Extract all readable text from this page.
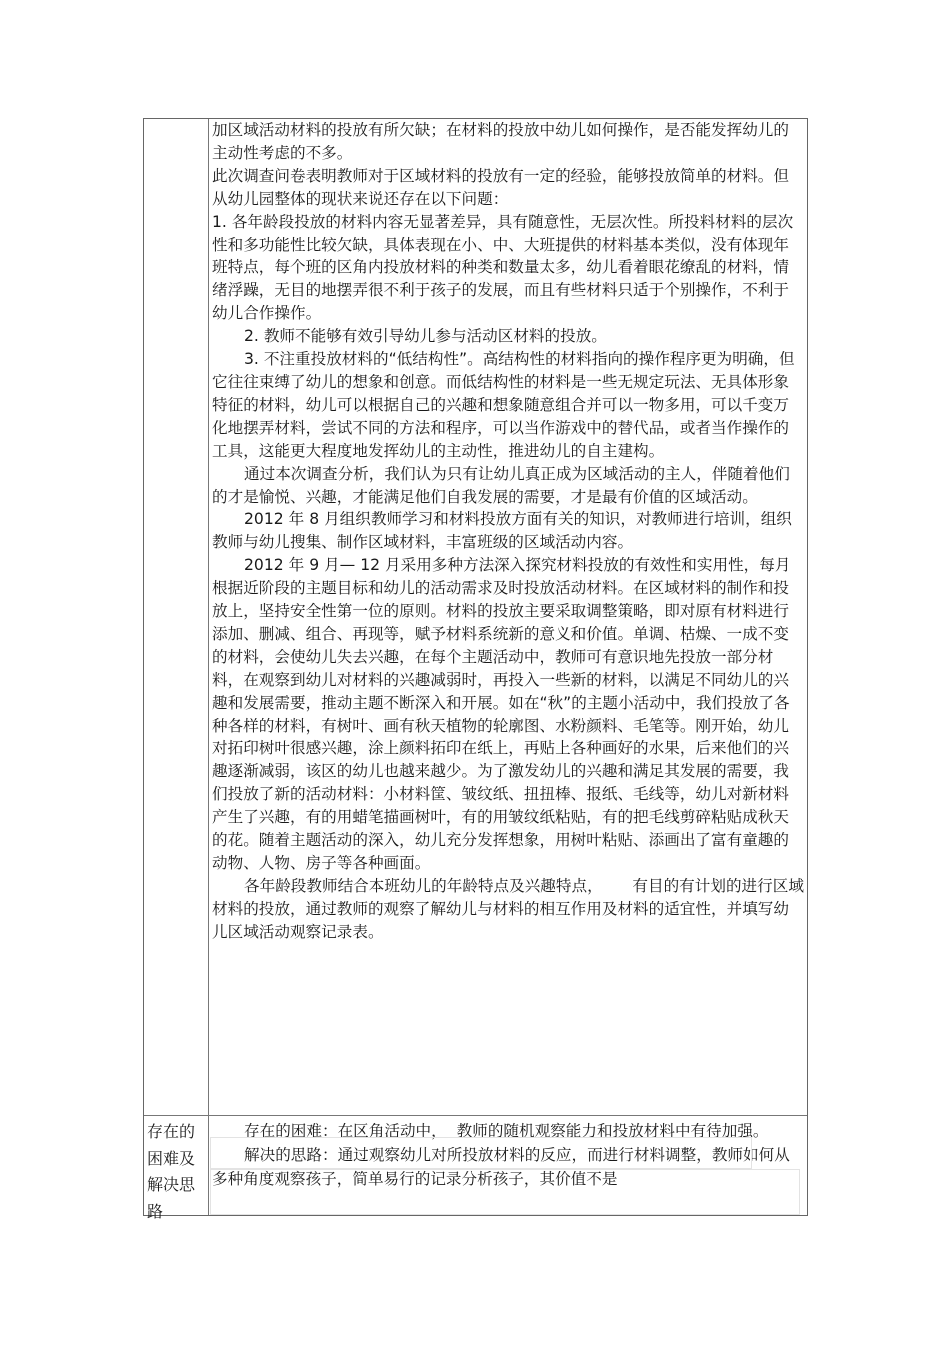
加区域活动材料的投放有所欠缺；在材料的投放中幼儿如何操作，是否能发挥幼儿的主动性考虑的不多。

此次调查问卷表明教师对于区域材料的投放有一定的经验，能够投放简单的材料。但从幼儿园整体的现状来说还存在以下问题：

1. 各年龄段投放的材料内容无显著差异，具有随意性，无层次性。所投料材料的层次性和多功能性比较欠缺，具体表现在小、中、大班提供的材料基本类似，没有体现年班特点，每个班的区角内投放材料的种类和数量太多，幼儿看着眼花缭乱的材料，情绪浮躁，无目的地摆弄很不利于孩子的发展，而且有些材料只适于个别操作，不利于幼儿合作操作。

2. 教师不能够有效引导幼儿参与活动区材料的投放。

3. 不注重投放材料的“低结构性”。高结构性的材料指向的操作程序更为明确，但它往往束缚了幼儿的想象和创意。而低结构性的材料是一些无规定玩法、无具体形象特征的材料，幼儿可以根据自己的兴趣和想象随意组合并可以一物多用，可以千变万化地摆弄材料，尝试不同的方法和程序，可以当作游戏中的替代品，或者当作操作的工具，这能更大程度地发挥幼儿的主动性，推进幼儿的自主建构。

通过本次调查分析，我们认为只有让幼儿真正成为区域活动的主人，伴随着他们的才是愉悦、兴趣，才能满足他们自我发展的需要，才是最有价值的区域活动。

2012 年 8 月组织教师学习和材料投放方面有关的知识，对教师进行培训，组织教师与幼儿搜集、制作区域材料，丰富班级的区域活动内容。

2012 年 9 月— 12 月采用多种方法深入探究材料投放的有效性和实用性，每月 根据近阶段的主题目标和幼儿的活动需求及时投放活动材料。在区域材料的制作和投放上，坚持安全性第一位的原则。材料的投放主要采取调整策略，即对原有材料进行添加、删减、组合、再现等，赋予材料系统新的意义和价值。单调、枯燥、一成不变的材料，会使幼儿失去兴趣，在每个主题活动中，教师可有意识地先投放一部分材料，在观察到幼儿对材料的兴趣减弱时，再投入一些新的材料，以满足不同幼儿的兴趣和发展需要，推动主题不断深入和开展。如在“秋”的主题小活动中，我们投放了各种各样的材料，有树叶、画有秋天植物的轮廓图、水粉颜料、毛笔等。刚开始，幼儿对拓印树叶很感兴趣，涂上颜料拓印在纸上，再贴上各种画好的水果，后来他们的兴趣逐渐减弱，该区的幼儿也越来越少。为了激发幼儿的兴趣和满足其发展的需要，我们投放了新的活动材料：小材料筐、皱纹纸、扭扭棒、报纸、毛线等，幼儿对新材料产生了兴趣，有的用蜡笔描画树叶，有的用皱纹纸粘贴，有的把毛线剪碎粘贴成秋天的花。随着主题活动的深入，幼儿充分发挥想象，用树叶粘贴、添画出了富有童趣的动物、人物、房子等各种画面。

各年龄段教师结合本班幼儿的年龄特点及兴趣特点，      有目的有计划的进行区域材料的投放，通过教师的观察了解幼儿与材料的相互作用及材料的适宜性，并填写幼儿区域活动观察记录表。

存在的困难及解决思路

存在的困难：在区角活动中，  教师的随机观察能力和投放材料中有待加强。

解决的思路：通过观察幼儿对所投放材料的反应，而进行材料调整，教师如何从多种角度观察孩子，简单易行的记录分析孩子，其价值不是
